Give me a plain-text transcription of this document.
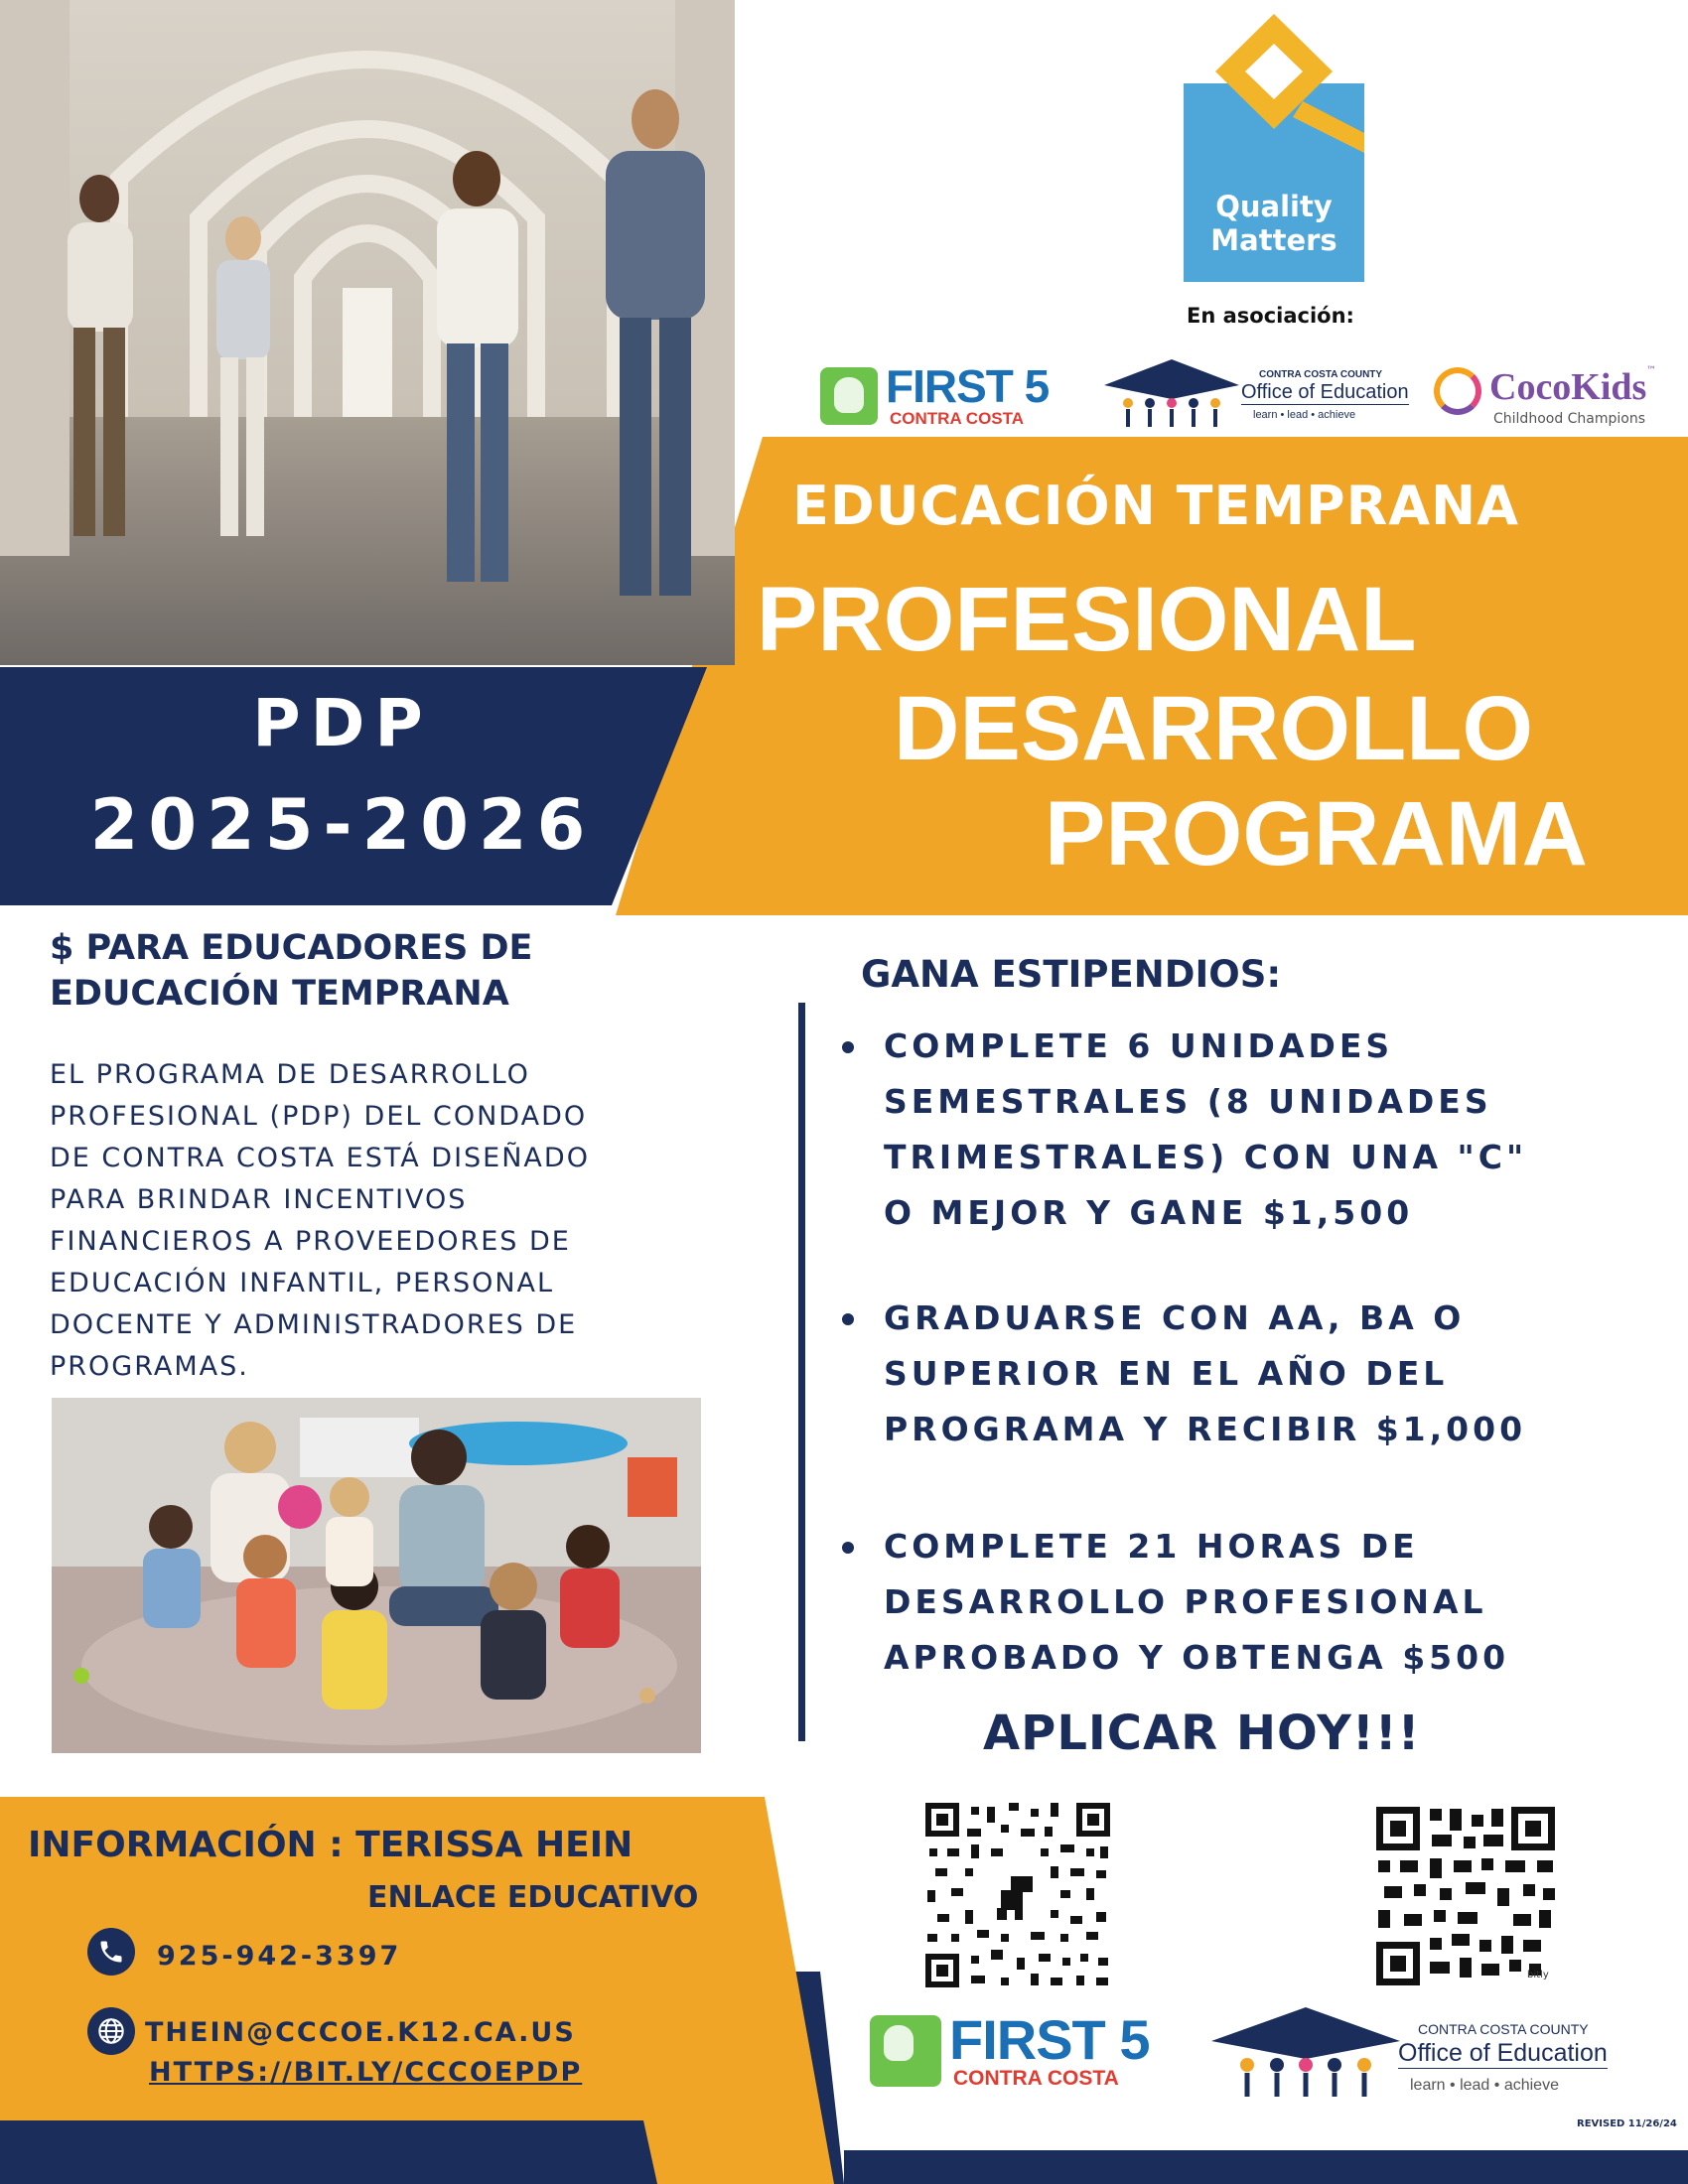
Quality
Matters
En asociación:
FIRST 5
CONTRA COSTA
CONTRA COSTA COUNTY
Office of Education
learn • lead • achieve
CocoKids ™
Childhood Champions
EDUCACIÓN TEMPRANA
PROFESIONAL
DESARROLLO
PROGRAMA
PDP
2025-2026
$ PARA EDUCADORES DE
EDUCACIÓN TEMPRANA
EL PROGRAMA DE DESARROLLO
PROFESIONAL (PDP) DEL CONDADO
DE CONTRA COSTA ESTÁ DISEÑADO
PARA BRINDAR INCENTIVOS
FINANCIEROS A PROVEEDORES DE
EDUCACIÓN INFANTIL, PERSONAL
DOCENTE Y ADMINISTRADORES DE
PROGRAMAS.
GANA ESTIPENDIOS:
COMPLETE 6 UNIDADES
SEMESTRALES (8 UNIDADES
TRIMESTRALES) CON UNA "C"
O MEJOR Y GANE $1,500
GRADUARSE CON AA, BA O
SUPERIOR EN EL AÑO DEL
PROGRAMA Y RECIBIR $1,000
COMPLETE 21 HORAS DE
DESARROLLO PROFESIONAL
APROBADO Y OBTENGA $500
APLICAR HOY!!!
bitly
FIRST 5
CONTRA COSTA
CONTRA COSTA COUNTY
Office of Education
learn • lead • achieve
INFORMACIÓN : TERISSA HEIN
ENLACE EDUCATIVO
925-942-3397
THEIN@CCCOE.K12.CA.US
HTTPS://BIT.LY/CCCOEPDP
REVISED 11/26/24
